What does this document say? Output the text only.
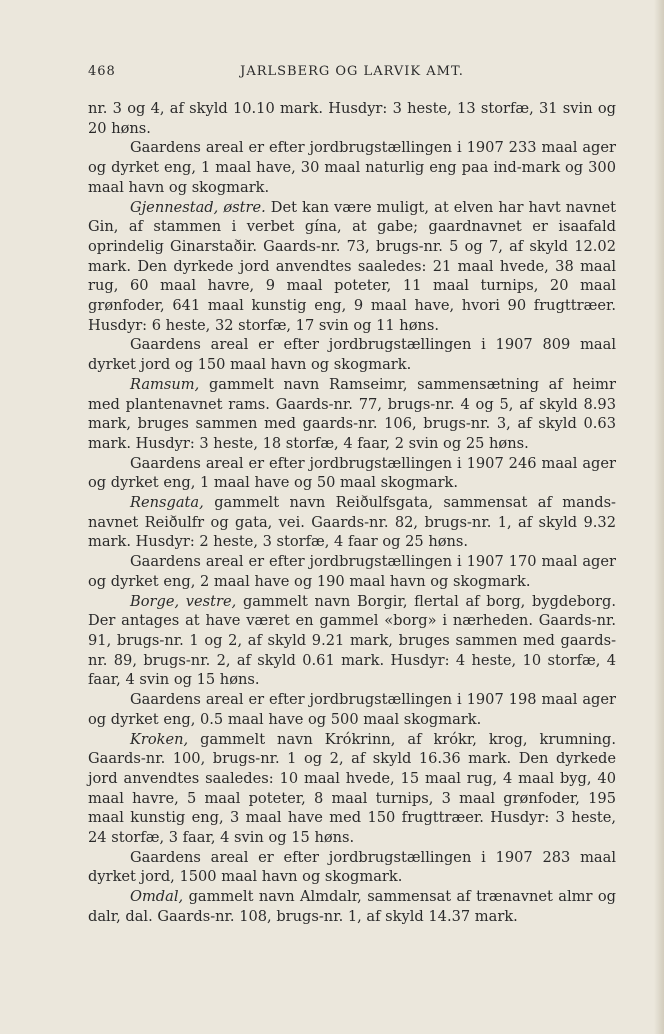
468	JARLSBERG OG LARVIK AMT.

nr. 3 og 4, af skyld 10.10 mark. Husdyr: 3 heste, 13 storfæ, 31 svin og 20 høns.

Gaardens areal er efter jordbrugstællingen i 1907 233 maal ager og dyrket eng, 1 maal have, 30 maal naturlig eng paa ind-mark og 300 maal havn og skogmark.

Gjennestad, østre. Det kan være muligt, at elven har havt navnet Gin, af stammen i verbet gína, at gabe; gaardnavnet er isaafald oprindelig Ginarstaðir. Gaards-nr. 73, brugs-nr. 5 og 7, af skyld 12.02 mark. Den dyrkede jord anvendtes saaledes: 21 maal hvede, 38 maal rug, 60 maal havre, 9 maal poteter, 11 maal turnips, 20 maal grønfoder, 641 maal kunstig eng, 9 maal have, hvori 90 frugttræer. Husdyr: 6 heste, 32 storfæ, 17 svin og 11 høns.

Gaardens areal er efter jordbrugstællingen i 1907 809 maal dyrket jord og 150 maal havn og skogmark.

Ramsum, gammelt navn Ramseimr, sammensætning af heimr med plantenavnet rams. Gaards-nr. 77, brugs-nr. 4 og 5, af skyld 8.93 mark, bruges sammen med gaards-nr. 106, brugs-nr. 3, af skyld 0.63 mark. Husdyr: 3 heste, 18 storfæ, 4 faar, 2 svin og 25 høns.

Gaardens areal er efter jordbrugstællingen i 1907 246 maal ager og dyrket eng, 1 maal have og 50 maal skogmark.

Rensgata, gammelt navn Reiðulfsgata, sammensat af mands-navnet Reiðulfr og gata, vei. Gaards-nr. 82, brugs-nr. 1, af skyld 9.32 mark. Husdyr: 2 heste, 3 storfæ, 4 faar og 25 høns.

Gaardens areal er efter jordbrugstællingen i 1907 170 maal ager og dyrket eng, 2 maal have og 190 maal havn og skogmark.

Borge, vestre, gammelt navn Borgir, flertal af borg, bygdeborg. Der antages at have været en gammel «borg» i nærheden. Gaards-nr. 91, brugs-nr. 1 og 2, af skyld 9.21 mark, bruges sammen med gaards-nr. 89, brugs-nr. 2, af skyld 0.61 mark. Husdyr: 4 heste, 10 storfæ, 4 faar, 4 svin og 15 høns.

Gaardens areal er efter jordbrugstællingen i 1907 198 maal ager og dyrket eng, 0.5 maal have og 500 maal skogmark.

Kroken, gammelt navn Krókrinn, af krókr, krog, krumning. Gaards-nr. 100, brugs-nr. 1 og 2, af skyld 16.36 mark. Den dyrkede jord anvendtes saaledes: 10 maal hvede, 15 maal rug, 4 maal byg, 40 maal havre, 5 maal poteter, 8 maal turnips, 3 maal grønfoder, 195 maal kunstig eng, 3 maal have med 150 frugttræer. Husdyr: 3 heste, 24 storfæ, 3 faar, 4 svin og 15 høns.

Gaardens areal er efter jordbrugstællingen i 1907 283 maal dyrket jord, 1500 maal havn og skogmark.

Omdal, gammelt navn Almdalr, sammensat af trænavnet almr og dalr, dal. Gaards-nr. 108, brugs-nr. 1, af skyld 14.37 mark.
